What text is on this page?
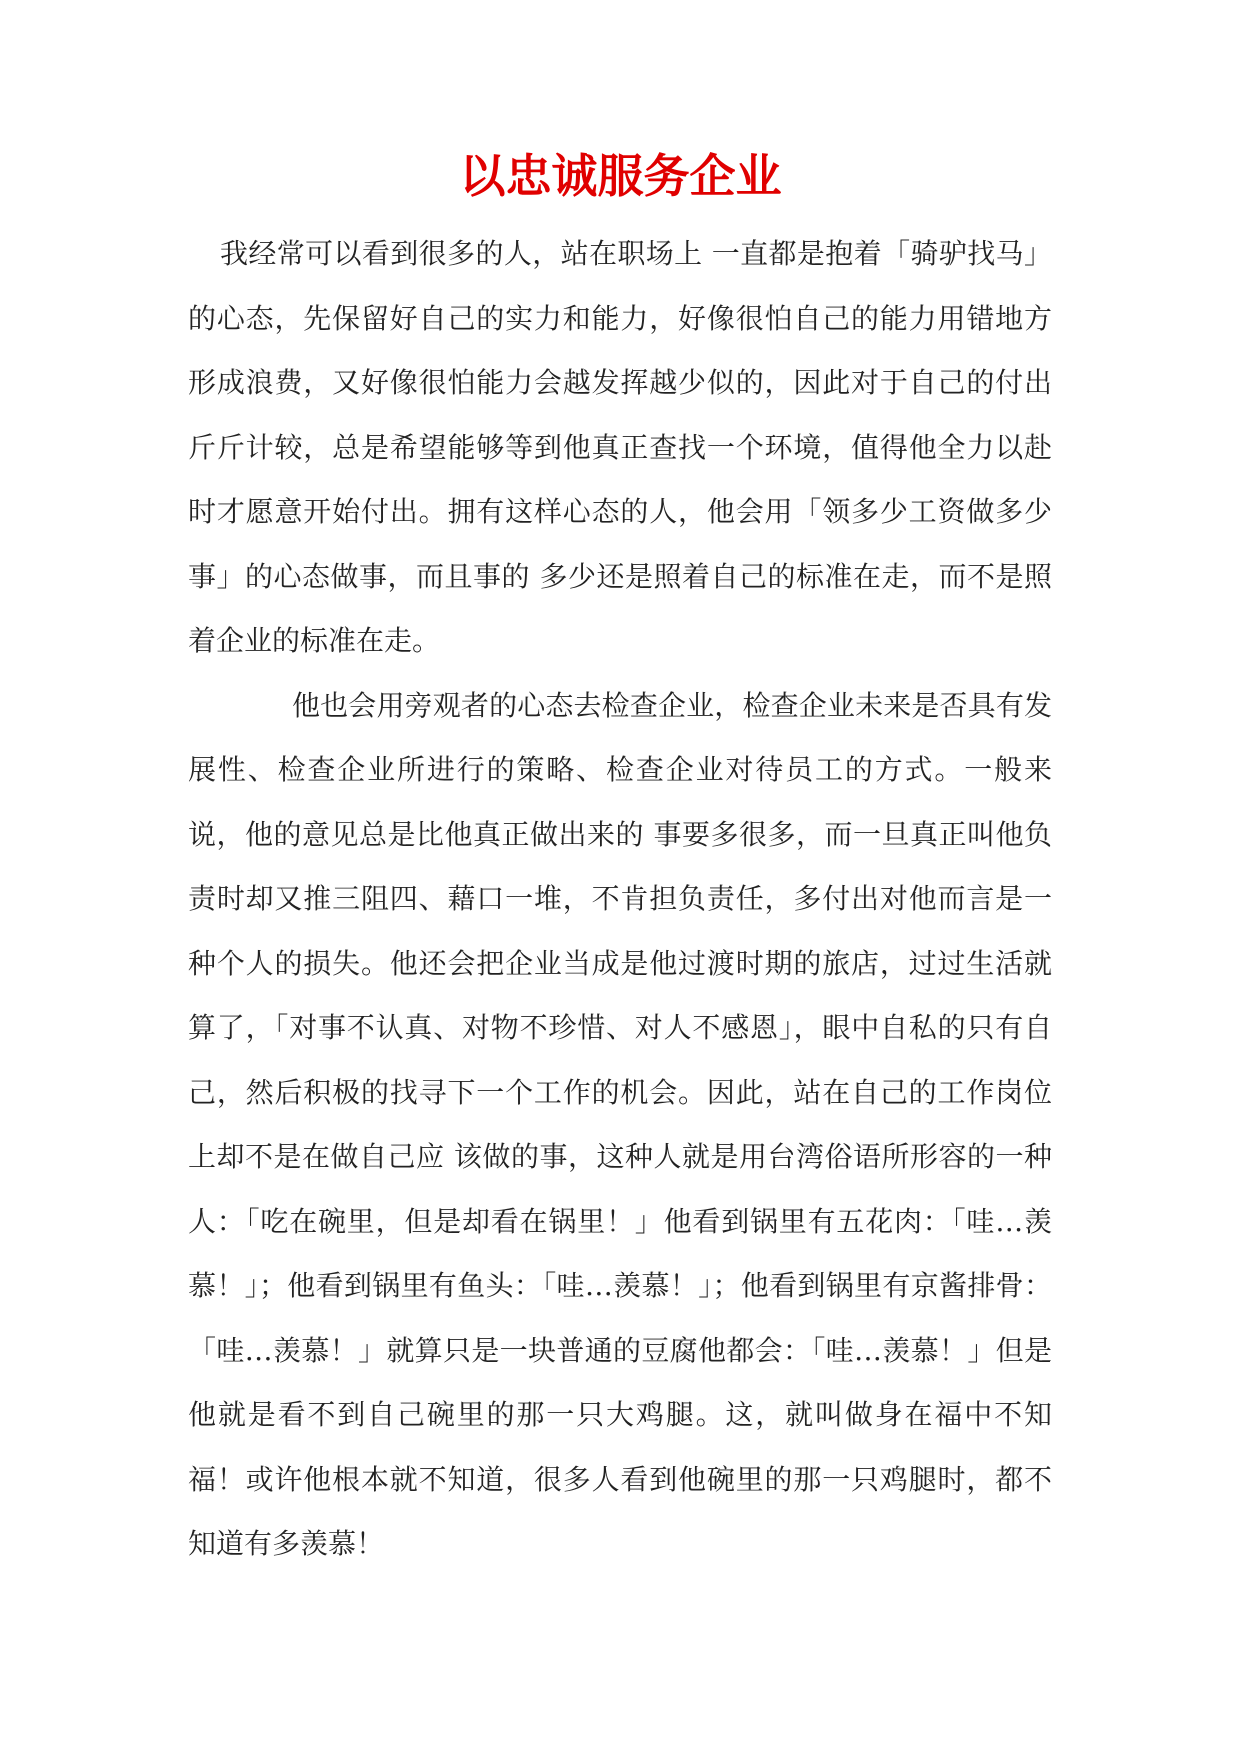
以忠诚服务企业

我经常可以看到很多的人，站在职场上 一直都是抱着「骑驴找马」的心态，先保留好自己的实力和能力，好像很怕自己的能力用错地方形成浪费，又好像很怕能力会越发挥越少似的，因此对于自己的付出斤斤计较，总是希望能够等到他真正查找一个环境，值得他全力以赴时才愿意开始付出。拥有这样心态的人，他会用「领多少工资做多少事」的心态做事，而且事的 多少还是照着自己的标准在走，而不是照着企业的标准在走。

他也会用旁观者的心态去检查企业，检查企业未来是否具有发展性、检查企业所进行的策略、检查企业对待员工的方式。一般来说，他的意见总是比他真正做出来的 事要多很多，而一旦真正叫他负责时却又推三阻四、藉口一堆，不肯担负责任，多付出对他而言是一种个人的损失。他还会把企业当成是他过渡时期的旅店，过过生活就算了，「对事不认真、对物不珍惜、对人不感恩」，眼中自私的只有自己，然后积极的找寻下一个工作的机会。因此，站在自己的工作岗位上却不是在做自己应 该做的事，这种人就是用台湾俗语所形容的一种人：「吃在碗里，但是却看在锅里！」他看到锅里有五花肉：「哇…羡慕！」；他看到锅里有鱼头：「哇…羡慕！」；他看到锅里有京酱排骨：「哇…羡慕！」就算只是一块普通的豆腐他都会：「哇…羡慕！」但是他就是看不到自己碗里的那一只大鸡腿。这，就叫做身在福中不知福！或许他根本就不知道，很多人看到他碗里的那一只鸡腿时，都不知道有多羡慕！
